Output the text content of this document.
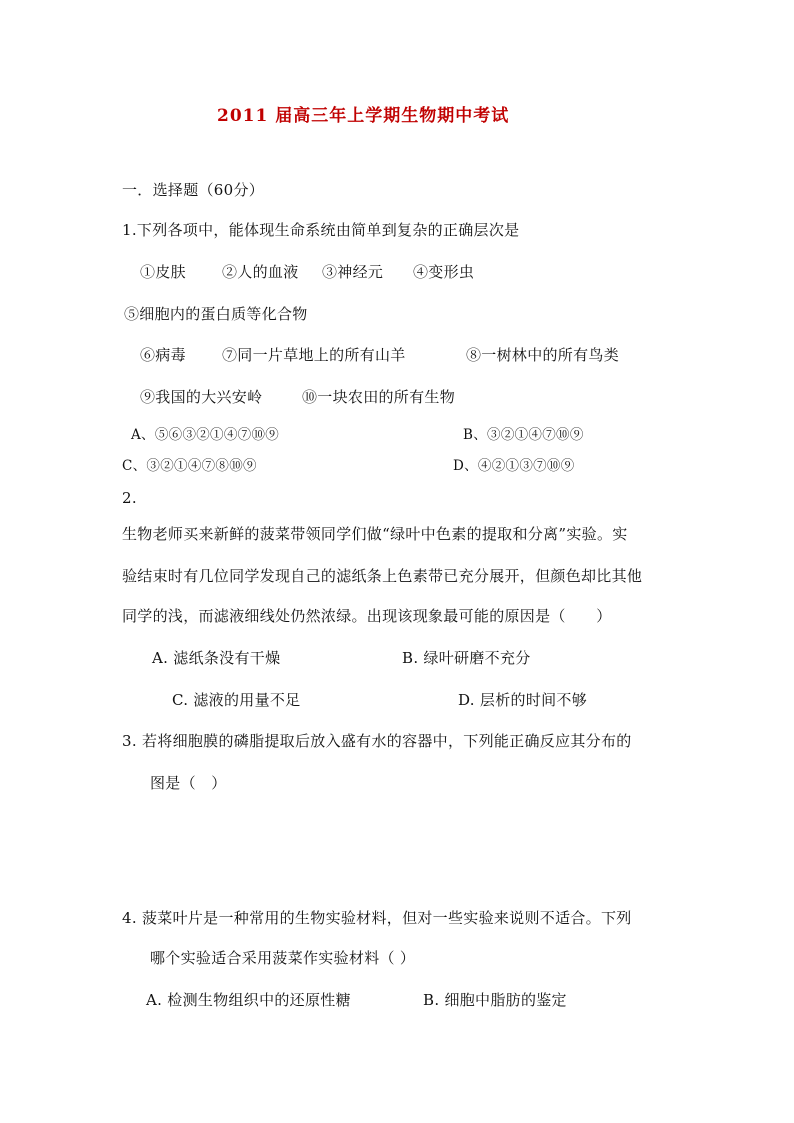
2011 届高三年上学期生物期中考试
一．选择题（60分）
1.下列各项中，能体现生命系统由简单到复杂的正确层次是
①皮肤 ②人的血液 ③神经元 ④变形虫
⑤细胞内的蛋白质等化合物
⑥病毒 ⑦同一片草地上的所有山羊	⑧一树林中的所有鸟类
⑨我国的大兴安岭	⑩一块农田的所有生物
A、⑤⑥③②①④⑦⑩⑨	B、③②①④⑦⑩⑨
C、③②①④⑦⑧⑩⑨	D、④②①③⑦⑩⑨
2.
生物老师买来新鲜的菠菜带领同学们做“绿叶中色素的提取和分离”实验。实
验结束时有几位同学发现自己的滤纸条上色素带已充分展开，但颜色却比其他
同学的浅，而滤液细线处仍然浓绿。出现该现象最可能的原因是（　　）
A. 滤纸条没有干燥	B. 绿叶研磨不充分
C. 滤液的用量不足	D. 层析的时间不够
3. 若将细胞膜的磷脂提取后放入盛有水的容器中，下列能正确反应其分布的
图是（　）
4. 菠菜叶片是一种常用的生物实验材料，但对一些实验来说则不适合。下列
哪个实验适合采用菠菜作实验材料（ ）
A. 检测生物组织中的还原性糖	B. 细胞中脂肪的鉴定
